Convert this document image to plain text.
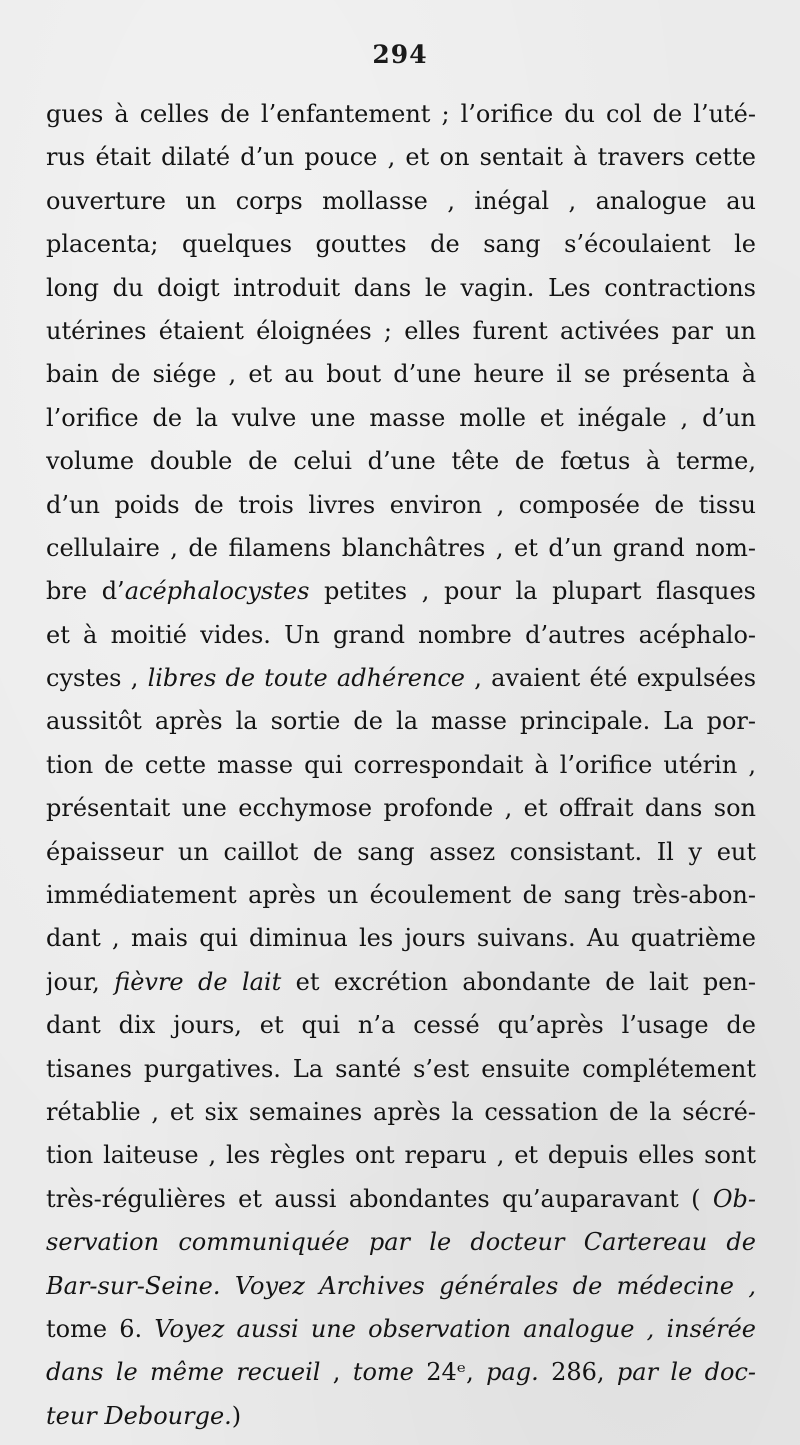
294
gues à celles de l’enfantement ; l’orifice du col de l’uté-
rus était dilaté d’un pouce , et on sentait à travers cette
ouverture un corps mollasse , inégal , analogue au
placenta; quelques gouttes de sang s’écoulaient le
long du doigt introduit dans le vagin. Les contractions
utérines étaient éloignées ; elles furent activées par un
bain de siége , et au bout d’une heure il se présenta à
l’orifice de la vulve une masse molle et inégale , d’un
volume double de celui d’une tête de fœtus à terme,
d’un poids de trois livres environ , composée de tissu
cellulaire , de filamens blanchâtres , et d’un grand nom-
bre d’acéphalocystes petites , pour la plupart flasques
et à moitié vides. Un grand nombre d’autres acéphalo-
cystes , libres de toute adhérence , avaient été expulsées
aussitôt après la sortie de la masse principale. La por-
tion de cette masse qui correspondait à l’orifice utérin ,
présentait une ecchymose profonde , et offrait dans son
épaisseur un caillot de sang assez consistant. Il y eut
immédiatement après un écoulement de sang très-abon-
dant , mais qui diminua les jours suivans. Au quatrième
jour, fièvre de lait et excrétion abondante de lait pen-
dant dix jours, et qui n’a cessé qu’après l’usage de
tisanes purgatives. La santé s’est ensuite complétement
rétablie , et six semaines après la cessation de la sécré-
tion laiteuse , les règles ont reparu , et depuis elles sont
très-régulières et aussi abondantes qu’auparavant ( Ob-
servation communiquée par le docteur Cartereau de
Bar-sur-Seine. Voyez Archives générales de médecine ,
tome 6. Voyez aussi une observation analogue , insérée
dans le même recueil , tome 24ᵉ, pag. 286, par le doc-
teur Debourge.)
